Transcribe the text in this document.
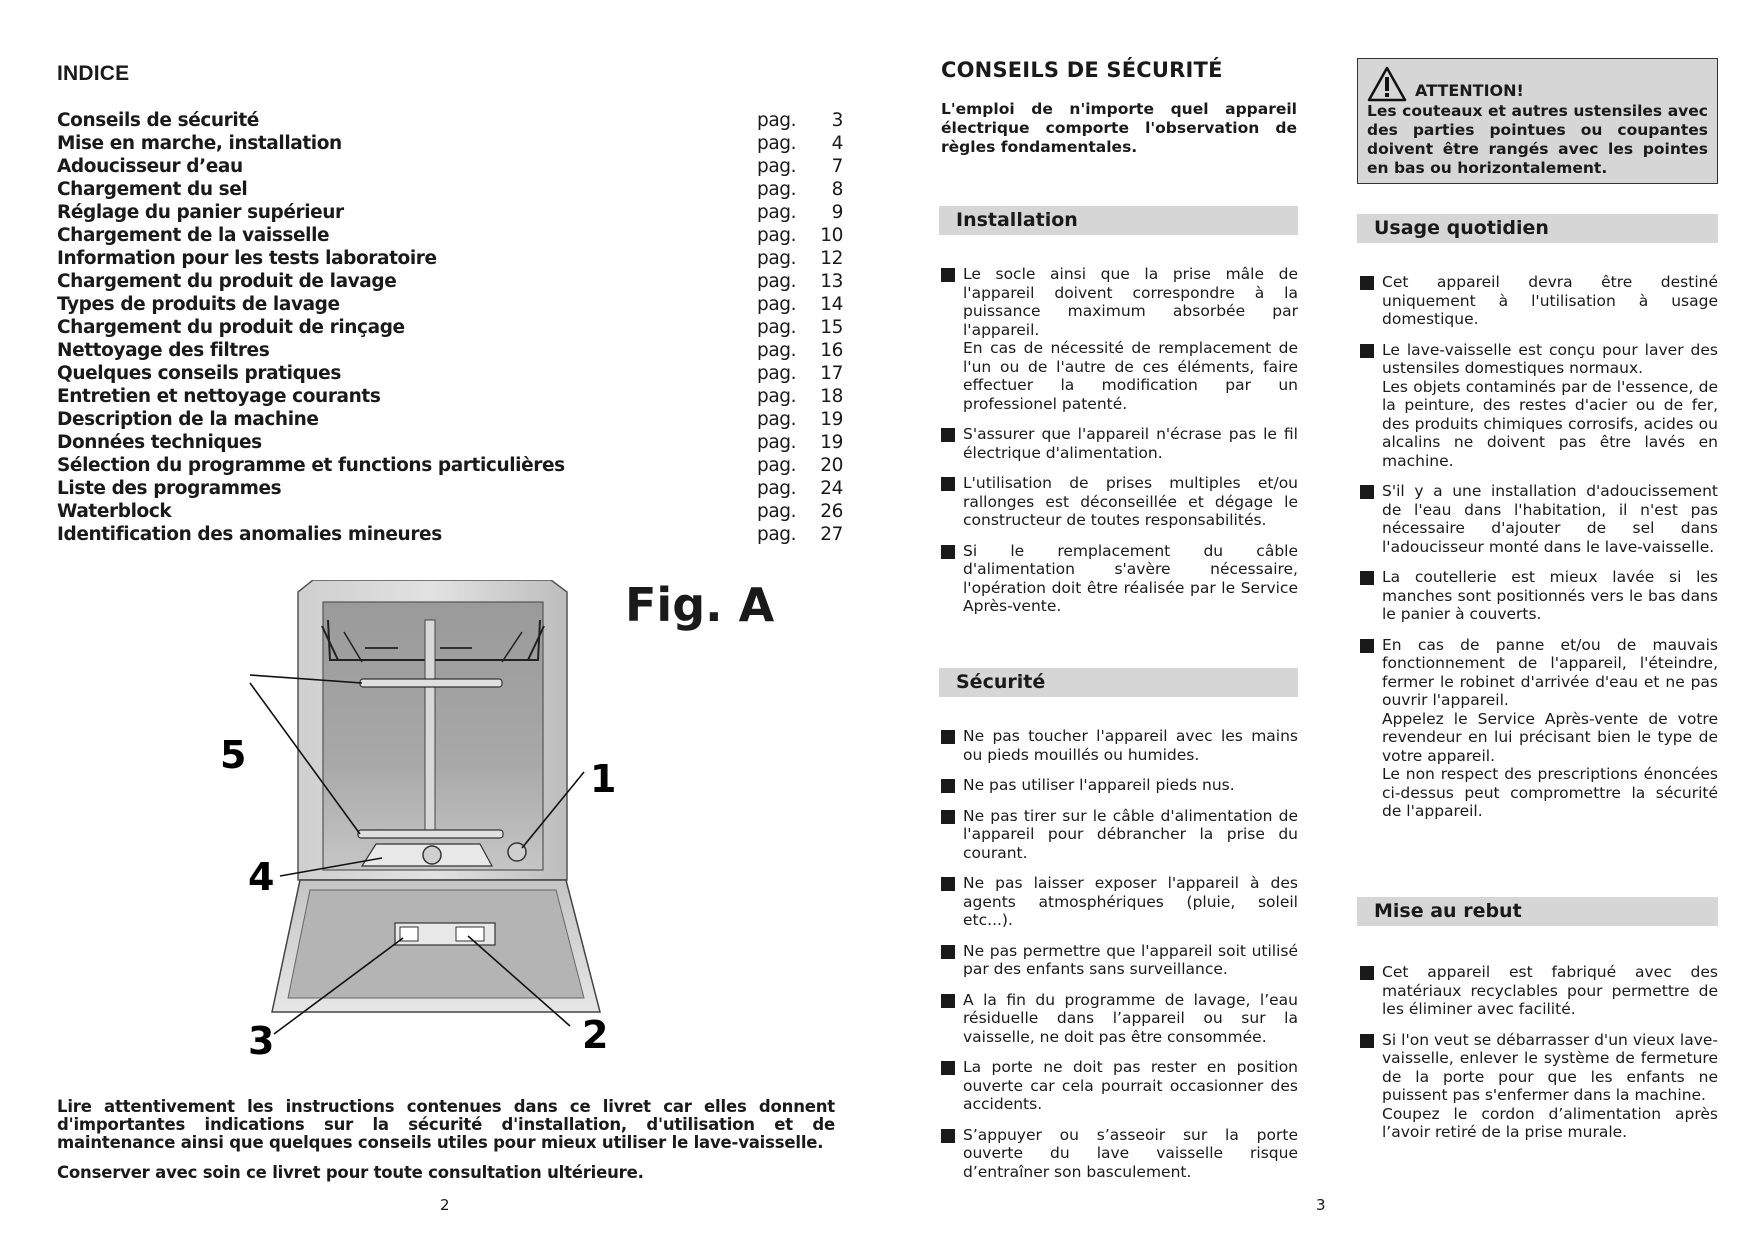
INDICE
Conseils de sécurité	pag.	3
Mise en marche, installation	pag.	4
Adoucisseur d’eau	pag.	7
Chargement du sel	pag.	8
Réglage du panier supérieur	pag.	9
Chargement de la vaisselle	pag.	10
Information pour les tests laboratoire	pag.	12
Chargement du produit de lavage	pag.	13
Types de produits de lavage	pag.	14
Chargement du produit de rinçage	pag.	15
Nettoyage des filtres	pag.	16
Quelques conseils pratiques	pag.	17
Entretien et nettoyage courants	pag.	18
Description de la machine	pag.	19
Données techniques	pag.	19
Sélection du programme et functions particulières	pag.	20
Liste des programmes	pag.	24
Waterblock	pag.	26
Identification des anomalies mineures	pag.	27
Fig. A
5
1
4
3	2
Lire attentivement les instructions contenues dans ce livret car elles donnent d'importantes indications sur la sécurité d'installation, d'utilisation et de maintenance ainsi que quelques conseils utiles pour mieux utiliser le lave-vaisselle.
Conserver avec soin ce livret pour toute consultation ultérieure.
2
CONSEILS DE SÉCURITÉ
L'emploi de n'importe quel appareil électrique comporte l'observation de règles fondamentales.
Installation

Le socle ainsi que la prise mâle de l'appareil doivent correspondre à la puissance maximum absorbée par l'appareil.

En cas de nécessité de remplacement de l'un ou de l'autre de ces éléments, faire effectuer la modification par un professionel patenté.

S'assurer que l'appareil n'écrase pas le fil électrique d'alimentation.

L'utilisation de prises multiples et/ou rallonges est déconseillée et dégage le constructeur de toutes responsabilités.

Si le remplacement du câble d'alimentation s'avère nécessaire, l'opération doit être réalisée par le Service Après-vente.

Sécurité

Ne pas toucher l'appareil avec les mains ou pieds mouillés ou humides.

Ne pas utiliser l'appareil pieds nus.

Ne pas tirer sur le câble d'alimentation de l'appareil pour débrancher la prise du courant.

Ne pas laisser exposer l'appareil à des agents atmosphériques (pluie, soleil etc...).

Ne pas permettre que l'appareil soit utilisé par des enfants sans surveillance.

A la fin du programme de lavage, l’eau résiduelle dans l’appareil ou sur la vaisselle, ne doit pas être consommée.

La porte ne doit pas rester en position ouverte car cela pourrait occasionner des accidents.

S’appuyer ou s’asseoir sur la porte ouverte du lave vaisselle risque d’entraîner son basculement.

ATTENTION!
Les couteaux et autres ustensiles avec des parties pointues ou coupantes doivent être rangés avec les pointes en bas ou horizontalement.
Usage quotidien

Cet appareil devra être destiné uniquement à l'utilisation à usage domestique.

Le lave-vaisselle est conçu pour laver des ustensiles domestiques normaux.

Les objets contaminés par de l'essence, de la peinture, des restes d'acier ou de fer, des produits chimiques corrosifs, acides ou alcalins ne doivent pas être lavés en machine.

S'il y a une installation d'adoucissement de l'eau dans l'habitation, il n'est pas nécessaire d'ajouter de sel dans l'adoucisseur monté dans le lave-vaisselle.

La coutellerie est mieux lavée si les manches sont positionnés vers le bas dans le panier à couverts.

En cas de panne et/ou de mauvais fonctionnement de l'appareil, l'éteindre, fermer le robinet d'arrivée d'eau et ne pas ouvrir l'appareil.

Appelez le Service Après-vente de votre revendeur en lui précisant bien le type de votre appareil.

Le non respect des prescriptions énoncées ci-dessus peut compromettre la sécurité de l'appareil.

Mise au rebut

Cet appareil est fabriqué avec des matériaux recyclables pour permettre de les éliminer avec facilité.

Si l'on veut se débarrasser d'un vieux lave-vaisselle, enlever le système de fermeture de la porte pour que les enfants ne puissent pas s'enfermer dans la machine.

Coupez le cordon d’alimentation après l’avoir retiré de la prise murale.

3
